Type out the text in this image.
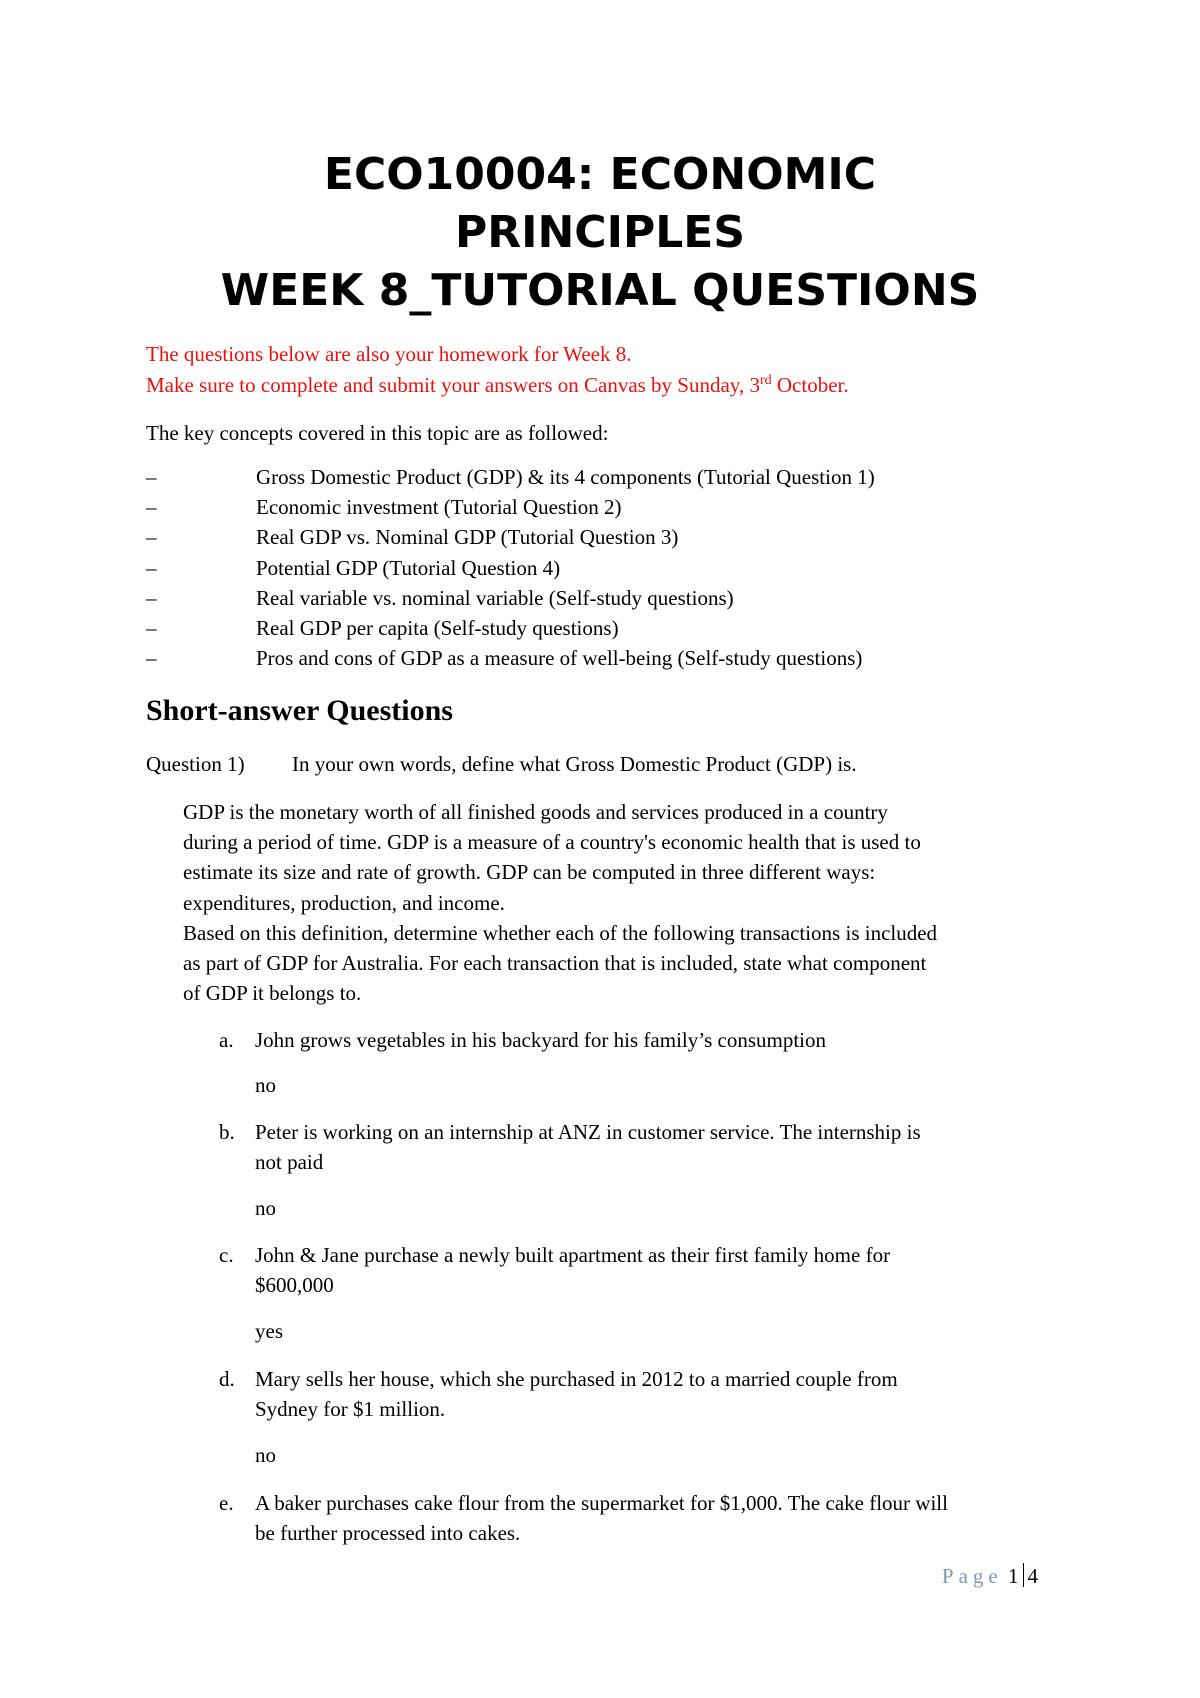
ECO10004: ECONOMIC
PRINCIPLES
WEEK 8_TUTORIAL QUESTIONS
The questions below are also your homework for Week 8.
Make sure to complete and submit your answers on Canvas by Sunday, 3rd October.
The key concepts covered in this topic are as followed:
–	Gross Domestic Product (GDP) & its 4 components (Tutorial Question 1)
–	Economic investment (Tutorial Question 2)
–	Real GDP vs. Nominal GDP (Tutorial Question 3)
–	Potential GDP (Tutorial Question 4)
–	Real variable vs. nominal variable (Self-study questions)
–	Real GDP per capita (Self-study questions)
–	Pros and cons of GDP as a measure of well-being (Self-study questions)
Short-answer Questions
Question 1) In your own words, define what Gross Domestic Product (GDP) is.
GDP is the monetary worth of all finished goods and services produced in a country
during a period of time. GDP is a measure of a country's economic health that is used to
estimate its size and rate of growth. GDP can be computed in three different ways:
expenditures, production, and income.
Based on this definition, determine whether each of the following transactions is included
as part of GDP for Australia. For each transaction that is included, state what component
of GDP it belongs to.
a. John grows vegetables in his backyard for his family’s consumption
no
b. Peter is working on an internship at ANZ in customer service. The internship is
not paid
no
c. John & Jane purchase a newly built apartment as their first family home for
$600,000
yes
d. Mary sells her house, which she purchased in 2012 to a married couple from
Sydney for $1 million.
no
e. A baker purchases cake flour from the supermarket for $1,000. The cake flour will
be further processed into cakes.
Page 1 4
